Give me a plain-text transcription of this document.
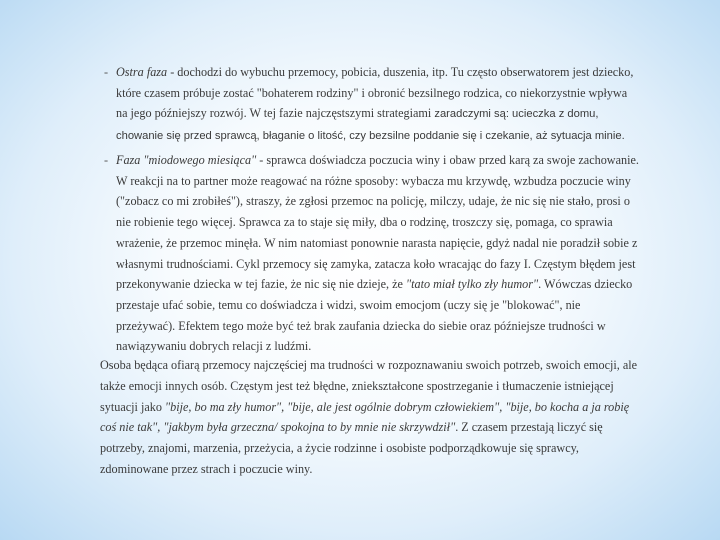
- Ostra faza - dochodzi do wybuchu przemocy, pobicia, duszenia, itp. Tu często obserwatorem jest dziecko, które czasem próbuje zostać "bohaterem rodziny" i obronić bezsilnego rodzica, co niekorzystnie wpływa na jego późniejszy rozwój. W tej fazie najczęstszymi strategiami zaradczymi są: ucieczka z domu, chowanie się przed sprawcą, błaganie o litość, czy bezsilne poddanie się i czekanie, aż sytuacja minie.
- Faza "miodowego miesiąca" - sprawca doświadcza poczucia winy i obaw przed karą za swoje zachowanie. W reakcji na to partner może reagować na różne sposoby: wybacza mu krzywdę, wzbudza poczucie winy ("zobacz co mi zrobiłeś"), straszy, że zgłosi przemoc na policję, milczy, udaje, że nic się nie stało, prosi o nie robienie tego więcej. Sprawca za to staje się miły, dba o rodzinę, troszczy się, pomaga, co sprawia wrażenie, że przemoc minęła. W nim natomiast ponownie narasta napięcie, gdyż nadal nie poradził sobie z własnymi trudnościami. Cykl przemocy się zamyka, zatacza koło wracając do fazy I. Częstym błędem jest przekonywanie dziecka w tej fazie, że nic się nie dzieje, że "tato miał tylko zły humor". Wówczas dziecko przestaje ufać sobie, temu co doświadcza i widzi, swoim emocjom (uczy się je "blokować", nie przeżywać). Efektem tego może być też brak zaufania dziecka do siebie oraz późniejsze trudności w nawiązywaniu dobrych relacji z ludźmi.
Osoba będąca ofiarą przemocy najczęściej ma trudności w rozpoznawaniu swoich potrzeb, swoich emocji, ale także emocji innych osób. Częstym jest też błędne, zniekształcone spostrzeganie i tłumaczenie istniejącej sytuacji jako "bije, bo ma zły humor", "bije, ale jest ogólnie dobrym człowiekiem", "bije, bo kocha a ja robię coś nie tak", "jakbym była grzeczna/ spokojna to by mnie nie skrzywdził". Z czasem przestają liczyć się potrzeby, znajomi, marzenia, przeżycia, a życie rodzinne i osobiste podporządkowuje się sprawcy, zdominowane przez strach i poczucie winy.
